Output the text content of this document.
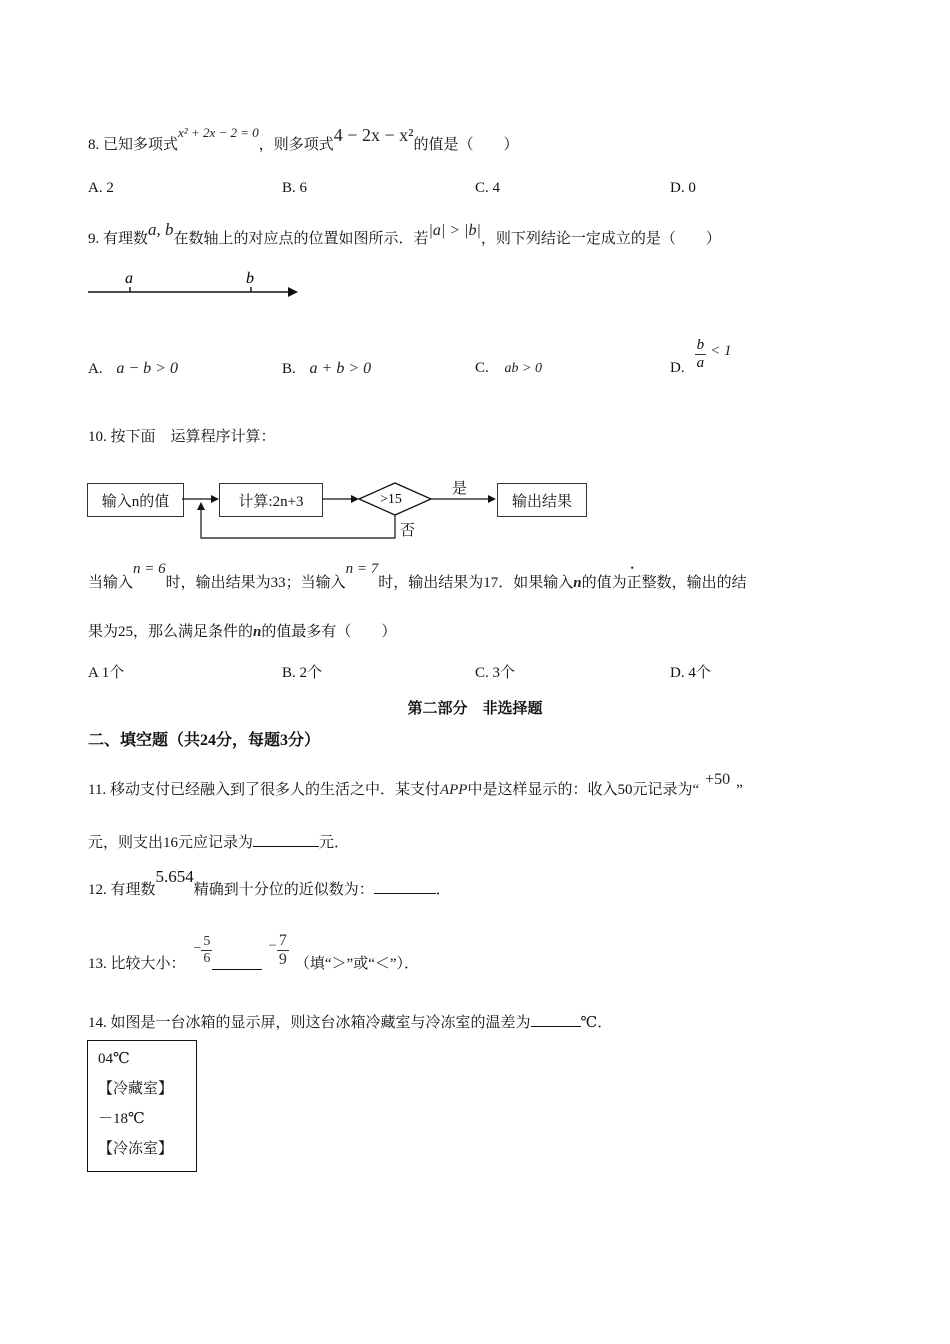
8. 已知多项式x² + 2x − 2 = 0，则多项式4 − 2x − x²的值是（　　）
A. 2	B. 6	C. 4	D. 0
9. 有理数a, b在数轴上的对应点的位置如图所示．若|a| > |b|，则下列结论一定成立的是（　　）
a	b
A. a − b > 0	B. a + b > 0	C. ab > 0	D. $\frac{b}{a} < 1$
10. 按下面　运算程序计算：
输入n的值	计算:2n+3	输出结果
>15
是
否
当输入n = 6时，输出结果为33；当输入n = 7时，输出结果为17．如果输入n的值为正整数，输出的结
果为25，那么满足条件的n的值最多有（　　）
A 1个	B. 2个	C. 3个	D. 4个
第二部分　非选择题
二、填空题（共24分，每题3分）
11. 移动支付已经融入到了很多人的生活之中．某支付APP中是这样显示的：收入50元记录为“+50”
元，则支出16元应记录为	元．
12. 有理数5.654精确到十分位的近似数为：	．
13. 比较大小：
− $\frac{5}{6}$	− $\frac{7}{9}$ （填“＞”或“＜”）．
14. 如图是一台冰箱的显示屏，则这台冰箱冷藏室与冷冻室的温差为	℃．
04℃
【冷藏室】
－18℃
【冷冻室】
